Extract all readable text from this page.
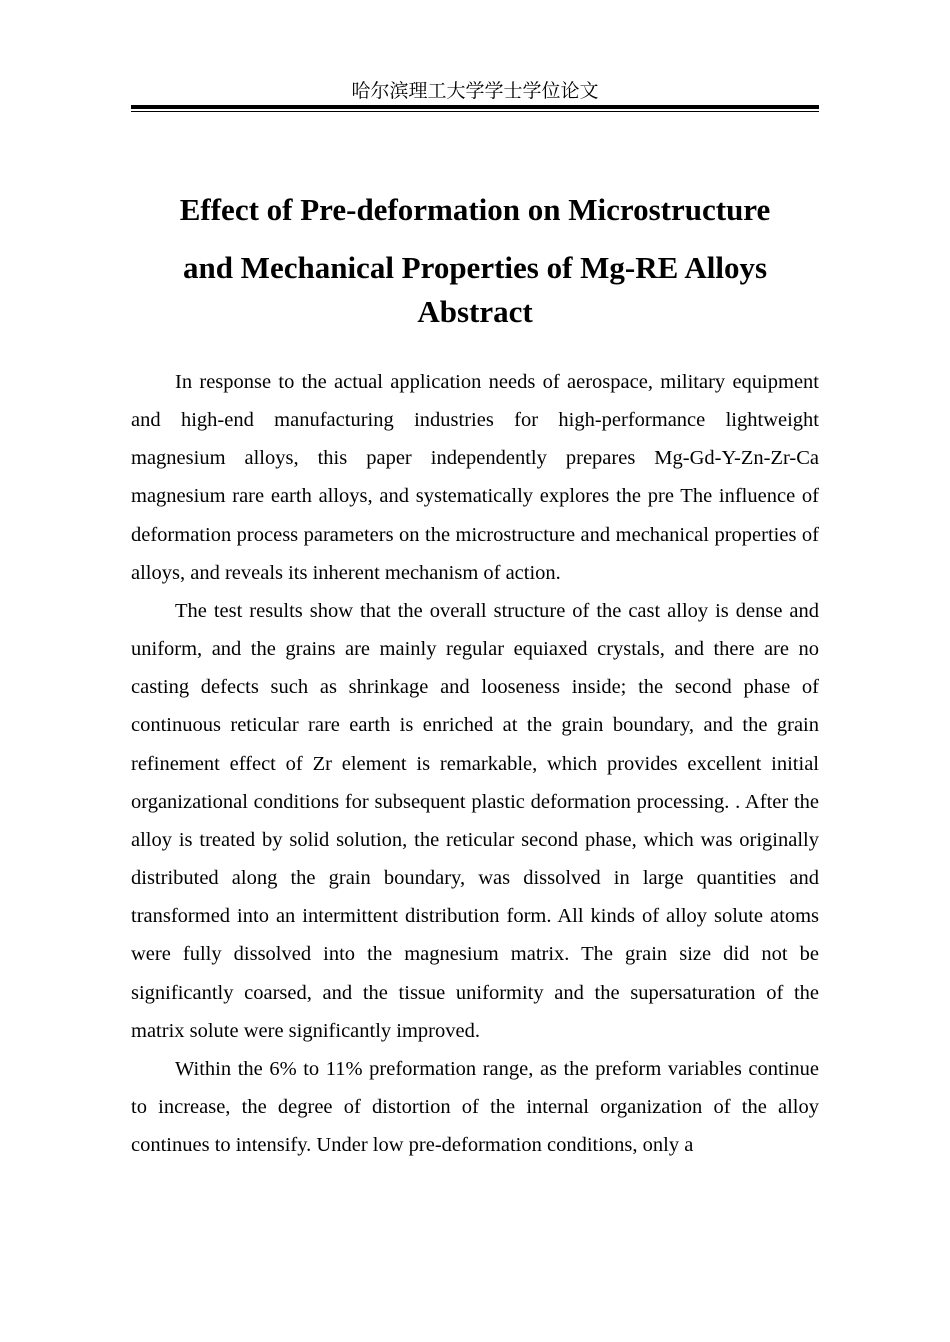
哈尔滨理工大学学士学位论文
Effect of Pre-deformation on Microstructure
and Mechanical Properties of Mg-RE Alloys
Abstract

In response to the actual application needs of aerospace, military equipment and high-end manufacturing industries for high-performance lightweight magnesium alloys, this paper independently prepares Mg-Gd-Y-Zn-Zr-Ca magnesium rare earth alloys, and systematically explores the pre The influence of deformation process parameters on the microstructure and mechanical properties of alloys, and reveals its inherent mechanism of action.

The test results show that the overall structure of the cast alloy is dense and uniform, and the grains are mainly regular equiaxed crystals, and there are no casting defects such as shrinkage and looseness inside; the second phase of continuous reticular rare earth is enriched at the grain boundary, and the grain refinement effect of Zr element is remarkable, which provides excellent initial organizational conditions for subsequent plastic deformation processing. . After the alloy is treated by solid solution, the reticular second phase, which was originally distributed along the grain boundary, was dissolved in large quantities and transformed into an intermittent distribution form. All kinds of alloy solute atoms were fully dissolved into the magnesium matrix. The grain size did not be significantly coarsed, and the tissue uniformity and the supersaturation of the matrix solute were significantly improved.

Within the 6% to 11% preformation range, as the preform variables continue to increase, the degree of distortion of the internal organization of the alloy continues to intensify. Under low pre-deformation conditions, only a
